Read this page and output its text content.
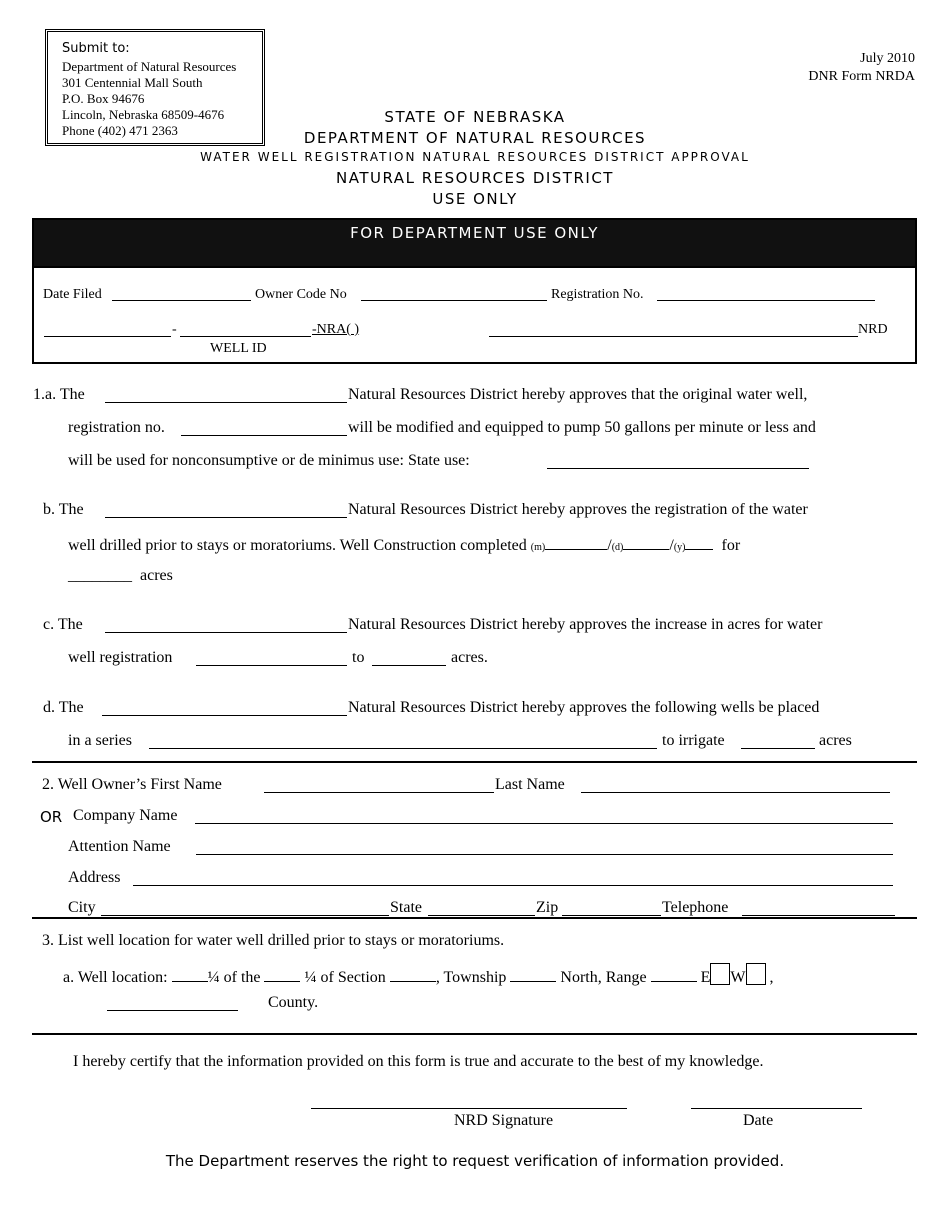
Submit to:
Department of Natural Resources
301 Centennial Mall South
P.O. Box 94676
Lincoln, Nebraska 68509-4676
Phone (402) 471 2363
July 2010
DNR Form NRDA
STATE OF NEBRASKA
DEPARTMENT OF NATURAL RESOURCES
WATER WELL REGISTRATION NATURAL RESOURCES DISTRICT APPROVAL
NATURAL RESOURCES DISTRICT
USE ONLY
FOR DEPARTMENT USE ONLY
Date Filed	Owner Code No	Registration No.
-	-NRA( )
WELL ID
NRD
1.a. The	Natural Resources District hereby approves that the original water well,
registration no.	will be modified and equipped to pump 50 gallons per minute or less and
will be used for nonconsumptive or de minimus use: State use:
b. The	Natural Resources District hereby approves the registration of the water
well drilled prior to stays or moratoriums. Well Construction completed (m)	/(d)	/(y) for
________ acres
c. The	Natural Resources District hereby approves the increase in acres for water
well registration	to	acres.
d. The	Natural Resources District hereby approves the following wells be placed
in a series	to irrigate	acres
2. Well Owner’s First Name	Last Name
OR Company Name
Attention Name
Address
City	State	Zip	Telephone
3. List well location for water well drilled prior to stays or moratoriums.
a. Well location:	¼ of the	¼ of Section	, Township	North, Range	E W ,
County.
I hereby certify that the information provided on this form is true and accurate to the best of my knowledge.
NRD Signature	Date
The Department reserves the right to request verification of information provided.
